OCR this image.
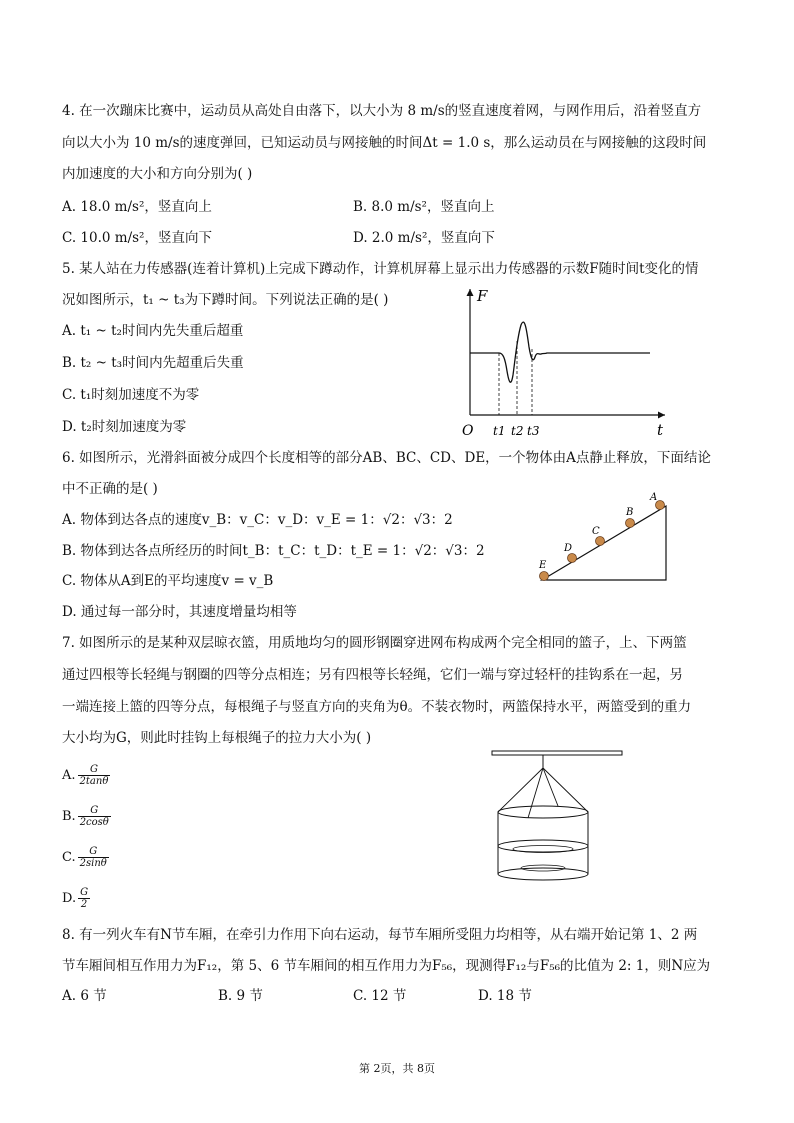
4. 在一次蹦床比赛中，运动员从高处自由落下，以大小为 8 m/s的竖直速度着网，与网作用后，沿着竖直方
向以大小为 10 m/s的速度弹回，已知运动员与网接触的时间Δt = 1.0 s，那么运动员在与网接触的这段时间
内加速度的大小和方向分别为( )
A. 18.0 m/s²，竖直向上	B. 8.0 m/s²，竖直向上
C. 10.0 m/s²，竖直向下	D. 2.0 m/s²，竖直向下
5. 某人站在力传感器(连着计算机)上完成下蹲动作，计算机屏幕上显示出力传感器的示数F随时间t变化的情
况如图所示，t₁ ~ t₃为下蹲时间。下列说法正确的是( )
A. t₁ ~ t₂时间内先失重后超重
B. t₂ ~ t₃时间内先超重后失重
C. t₁时刻加速度不为零
D. t₂时刻加速度为零
F
t
O t1 t2 t3
6. 如图所示，光滑斜面被分成四个长度相等的部分AB、BC、CD、DE，一个物体由A点静止释放，下面结论
中不正确的是( )
A. 物体到达各点的速度v_B：v_C：v_D：v_E = 1：√2：√3：2
B. 物体到达各点所经历的时间t_B：t_C：t_D：t_E = 1：√2：√3：2
C. 物体从A到E的平均速度v = v_B
D. 通过每一部分时，其速度增量均相等
A
B
C
D
E
7. 如图所示的是某种双层晾衣篮，用质地均匀的圆形钢圈穿进网布构成两个完全相同的篮子，上、下两篮
通过四根等长轻绳与钢圈的四等分点相连；另有四根等长轻绳，它们一端与穿过轻杆的挂钩系在一起，另
一端连接上篮的四等分点，每根绳子与竖直方向的夹角为θ。不装衣物时，两篮保持水平，两篮受到的重力
大小均为G，则此时挂钩上每根绳子的拉力大小为( )
A. $\frac{G}{2\tan\theta}$
B. $\frac{G}{2\cos\theta}$
C. $\frac{G}{2\sin\theta}$
D. $\frac{G}{2}$
8. 有一列火车有N节车厢，在牵引力作用下向右运动，每节车厢所受阻力均相等，从右端开始记第 1、2 两
节车厢间相互作用力为F₁₂，第 5、6 节车厢间的相互作用力为F₅₆，现测得F₁₂与F₅₆的比值为 2: 1，则N应为
A. 6 节	B. 9 节	C. 12 节	D. 18 节
第 2页，共 8页
